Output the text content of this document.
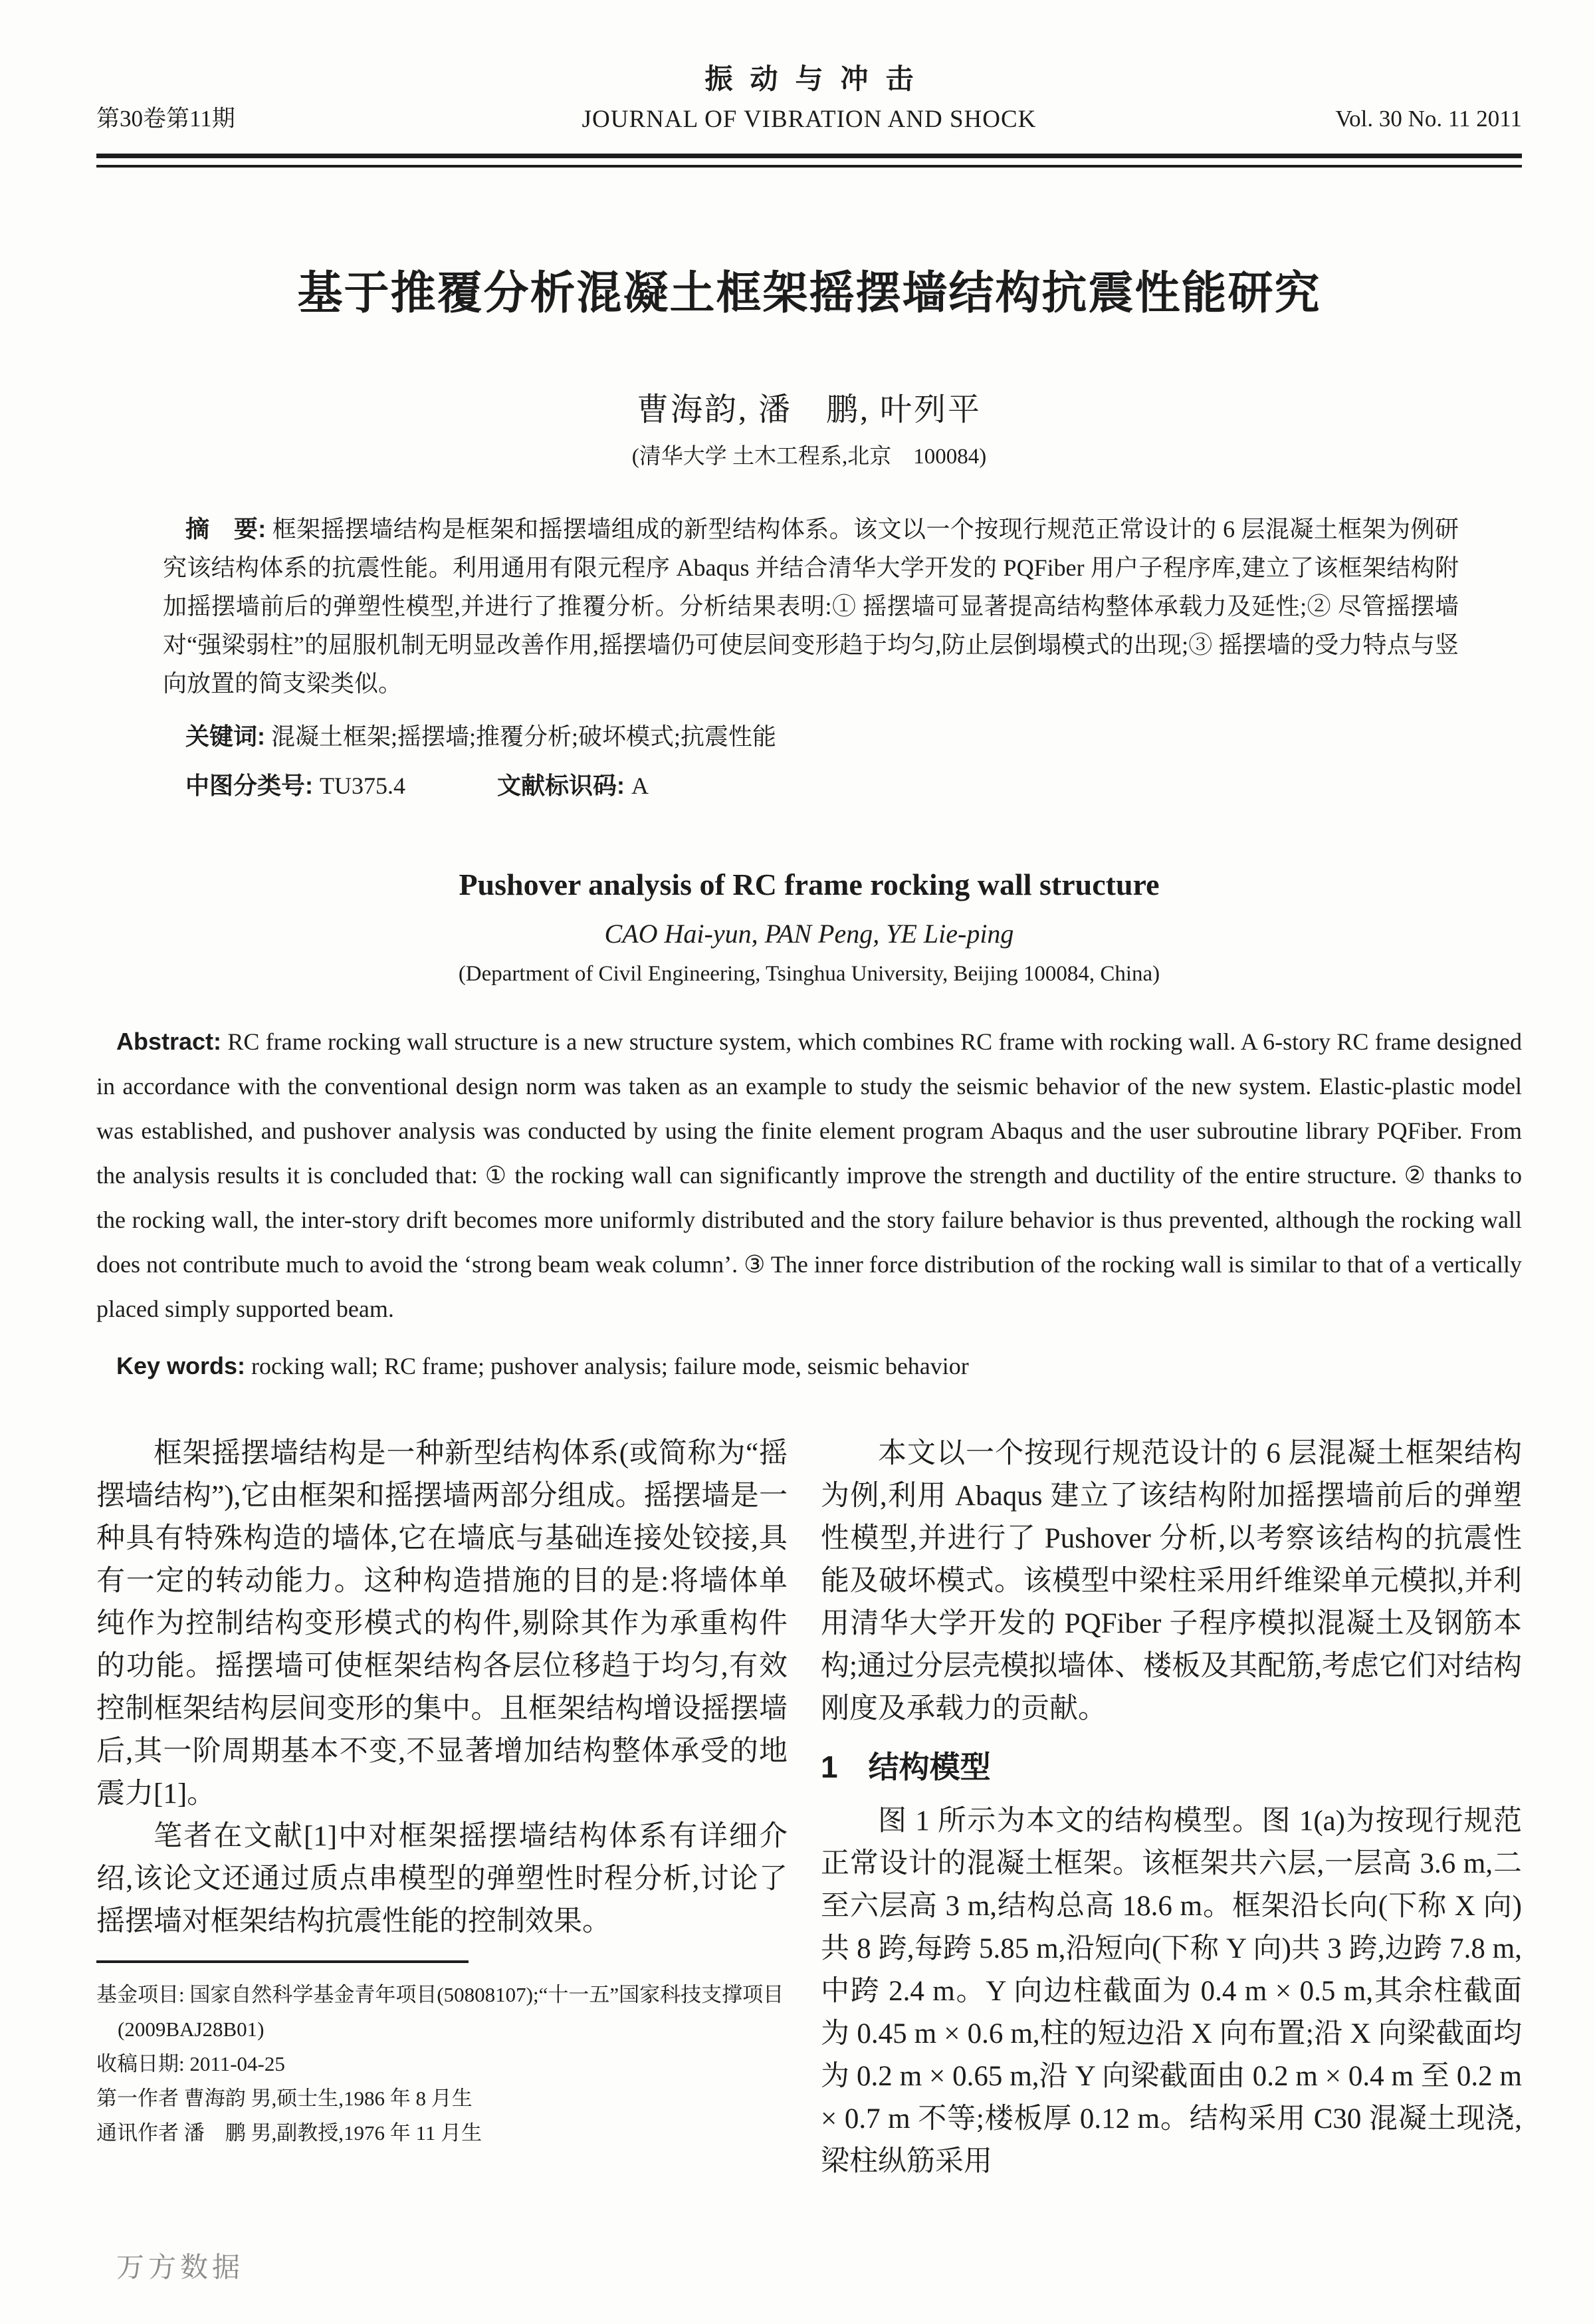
振动与冲击
第30卷第11期	JOURNAL OF VIBRATION AND SHOCK	Vol. 30 No. 11 2011
基于推覆分析混凝土框架摇摆墙结构抗震性能研究
曹海韵, 潘　鹏, 叶列平
(清华大学 土木工程系,北京　100084)

摘　要: 框架摇摆墙结构是框架和摇摆墙组成的新型结构体系。该文以一个按现行规范正常设计的 6 层混凝土框架为例研究该结构体系的抗震性能。利用通用有限元程序 Abaqus 并结合清华大学开发的 PQFiber 用户子程序库,建立了该框架结构附加摇摆墙前后的弹塑性模型,并进行了推覆分析。分析结果表明:① 摇摆墙可显著提高结构整体承载力及延性;② 尽管摇摆墙对“强梁弱柱”的屈服机制无明显改善作用,摇摆墙仍可使层间变形趋于均匀,防止层倒塌模式的出现;③ 摇摆墙的受力特点与竖向放置的简支梁类似。

关键词: 混凝土框架;摇摆墙;推覆分析;破坏模式;抗震性能

中图分类号: TU375.4	文献标识码: A

Pushover analysis of RC frame rocking wall structure
CAO Hai-yun, PAN Peng, YE Lie-ping
(Department of Civil Engineering, Tsinghua University, Beijing 100084, China)

Abstract: RC frame rocking wall structure is a new structure system, which combines RC frame with rocking wall. A 6-story RC frame designed in accordance with the conventional design norm was taken as an example to study the seismic behavior of the new system. Elastic-plastic model was established, and pushover analysis was conducted by using the finite element program Abaqus and the user subroutine library PQFiber. From the analysis results it is concluded that: ① the rocking wall can significantly improve the strength and ductility of the entire structure. ② thanks to the rocking wall, the inter-story drift becomes more uniformly distributed and the story failure behavior is thus prevented, although the rocking wall does not contribute much to avoid the ‘strong beam weak column’. ③ The inner force distribution of the rocking wall is similar to that of a vertically placed simply supported beam.

Key words: rocking wall; RC frame; pushover analysis; failure mode, seismic behavior

框架摇摆墙结构是一种新型结构体系(或简称为“摇摆墙结构”),它由框架和摇摆墙两部分组成。摇摆墙是一种具有特殊构造的墙体,它在墙底与基础连接处铰接,具有一定的转动能力。这种构造措施的目的是:将墙体单纯作为控制结构变形模式的构件,剔除其作为承重构件的功能。摇摆墙可使框架结构各层位移趋于均匀,有效控制框架结构层间变形的集中。且框架结构增设摇摆墙后,其一阶周期基本不变,不显著增加结构整体承受的地震力[1]。

笔者在文献[1]中对框架摇摆墙结构体系有详细介绍,该论文还通过质点串模型的弹塑性时程分析,讨论了摇摆墙对框架结构抗震性能的控制效果。

基金项目: 国家自然科学基金青年项目(50808107);“十一五”国家科技支撑项目(2009BAJ28B01)

收稿日期: 2011-04-25

第一作者 曹海韵 男,硕士生,1986 年 8 月生

通讯作者 潘　鹏 男,副教授,1976 年 11 月生

本文以一个按现行规范设计的 6 层混凝土框架结构为例,利用 Abaqus 建立了该结构附加摇摆墙前后的弹塑性模型,并进行了 Pushover 分析,以考察该结构的抗震性能及破坏模式。该模型中梁柱采用纤维梁单元模拟,并利用清华大学开发的 PQFiber 子程序模拟混凝土及钢筋本构;通过分层壳模拟墙体、楼板及其配筋,考虑它们对结构刚度及承载力的贡献。

1　结构模型

图 1 所示为本文的结构模型。图 1(a)为按现行规范正常设计的混凝土框架。该框架共六层,一层高 3.6 m,二至六层高 3 m,结构总高 18.6 m。框架沿长向(下称 X 向)共 8 跨,每跨 5.85 m,沿短向(下称 Y 向)共 3 跨,边跨 7.8 m,中跨 2.4 m。Y 向边柱截面为 0.4 m × 0.5 m,其余柱截面为 0.45 m × 0.6 m,柱的短边沿 X 向布置;沿 X 向梁截面均为 0.2 m × 0.65 m,沿 Y 向梁截面由 0.2 m × 0.4 m 至 0.2 m × 0.7 m 不等;楼板厚 0.12 m。结构采用 C30 混凝土现浇,梁柱纵筋采用

万方数据
